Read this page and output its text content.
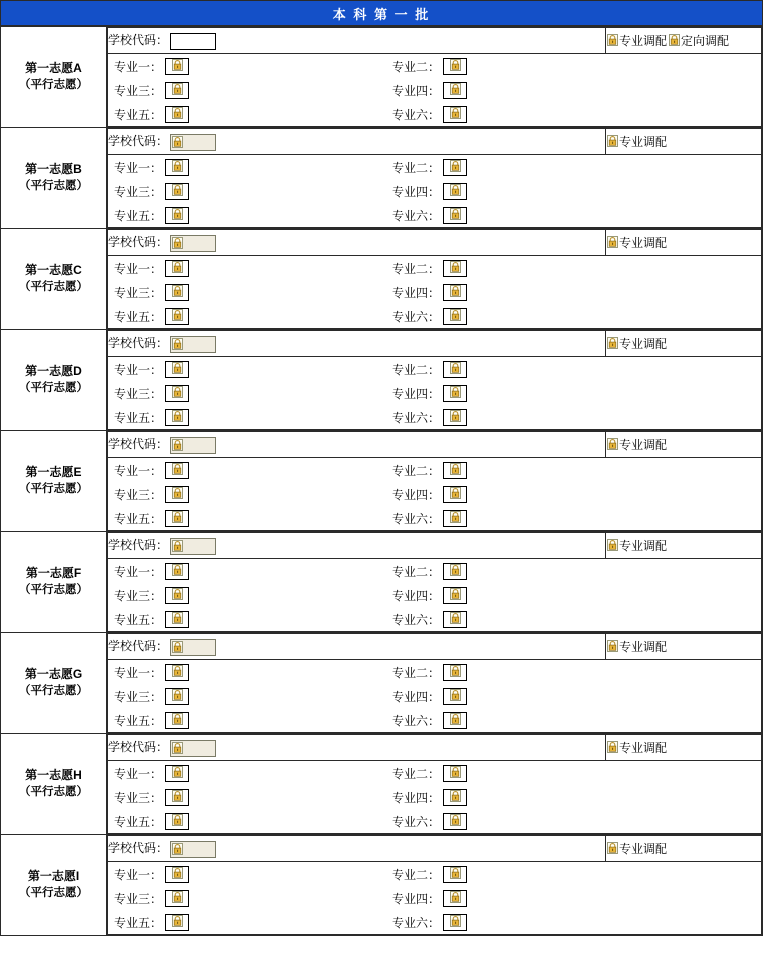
本 科 第 一 批
第一志愿A
（平行志愿）

学校代码：	专业调配 定向调配

专业一：	专业二：
专业三：	专业四：
专业五：	专业六：

第一志愿B
（平行志愿）

学校代码：	专业调配

专业一：	专业二：
专业三：	专业四：
专业五：	专业六：

第一志愿C
（平行志愿）

学校代码：	专业调配

专业一：	专业二：
专业三：	专业四：
专业五：	专业六：

第一志愿D
（平行志愿）

学校代码：	专业调配

专业一：	专业二：
专业三：	专业四：
专业五：	专业六：

第一志愿E
（平行志愿）

学校代码：	专业调配

专业一：	专业二：
专业三：	专业四：
专业五：	专业六：

第一志愿F
（平行志愿）

学校代码：	专业调配

专业一：	专业二：
专业三：	专业四：
专业五：	专业六：

第一志愿G
（平行志愿）

学校代码：	专业调配

专业一：	专业二：
专业三：	专业四：
专业五：	专业六：

第一志愿H
（平行志愿）

学校代码：	专业调配

专业一：	专业二：
专业三：	专业四：
专业五：	专业六：

第一志愿I
（平行志愿）

学校代码：	专业调配

专业一：	专业二：
专业三：	专业四：
专业五：	专业六：
